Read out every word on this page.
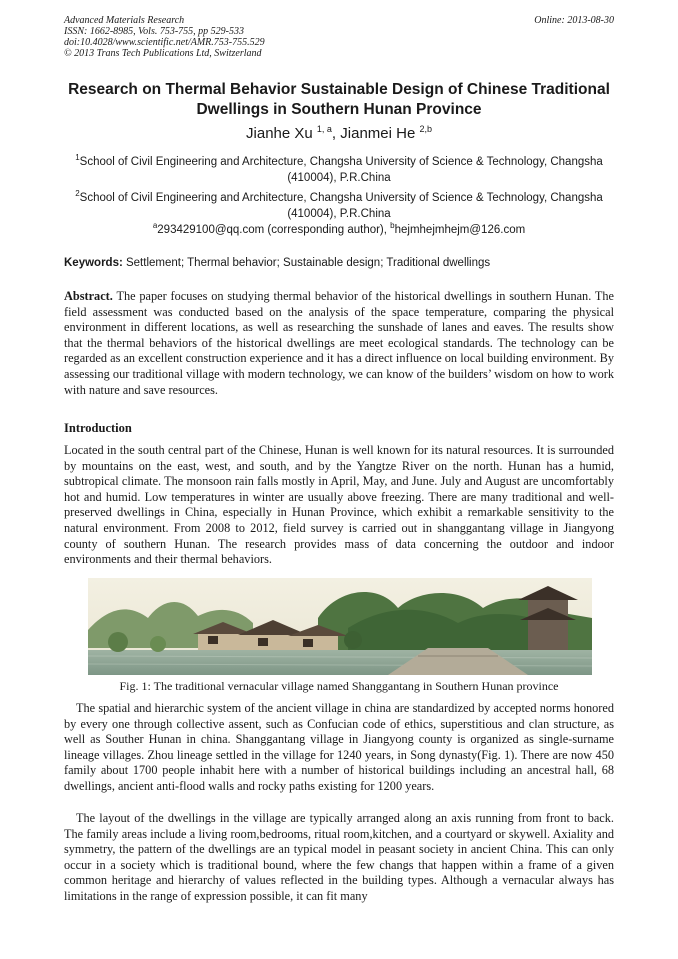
Advanced Materials Research
ISSN: 1662-8985, Vols. 753-755, pp 529-533
doi:10.4028/www.scientific.net/AMR.753-755.529
© 2013 Trans Tech Publications Ltd, Switzerland
Online: 2013-08-30
Research on Thermal Behavior Sustainable Design of Chinese Traditional Dwellings in Southern Hunan Province
Jianhe Xu $^{1, a}$, Jianmei He $^{2,b}$
$^1$School of Civil Engineering and Architecture, Changsha University of Science & Technology, Changsha (410004), P.R.China
$^2$School of Civil Engineering and Architecture, Changsha University of Science & Technology, Changsha (410004), P.R.China
$^a$293429100@qq.com (corresponding author), $^b$hejmhejmhejm@126.com
Keywords: Settlement; Thermal behavior; Sustainable design; Traditional dwellings
Abstract. The paper focuses on studying thermal behavior of the historical dwellings in southern Hunan. The field assessment was conducted based on the analysis of the space temperature, comparing the physical environment in different locations, as well as researching the sunshade of lanes and eaves. The results show that the thermal behaviors of the historical dwellings are meet ecological standards. The technology can be regarded as an excellent construction experience and it has a direct influence on local building environment. By assessing our traditional village with modern technology, we can know of the builders’ wisdom on how to work with nature and save resources.
Introduction
Located in the south central part of the Chinese, Hunan is well known for its natural resources. It is surrounded by mountains on the east, west, and south, and by the Yangtze River on the north. Hunan has a humid, subtropical climate. The monsoon rain falls mostly in April, May, and June. July and August are uncomfortably hot and humid. Low temperatures in winter are usually above freezing. There are many traditional and well-preserved dwellings in China, especially in Hunan Province, which exhibit a remarkable sensitivity to the natural environment. From 2008 to 2012, field survey is carried out in shanggantang village in Jiangyong county of southern Hunan. The research provides mass of data concerning the outdoor and indoor environments and their thermal behaviors.
Fig. 1: The traditional vernacular village named Shanggantang in Southern Hunan province
The spatial and hierarchic system of the ancient village in china are standardized by accepted norms honored by every one through collective assent, such as Confucian code of ethics, superstitious and clan structure, as well as Souther Hunan in china. Shanggantang village in Jiangyong county is organized as single-surname lineage villages. Zhou lineage settled in the village for 1240 years, in Song dynasty(Fig. 1). There are now 450 family about 1700 people inhabit here with a number of historical buildings including an ancestral hall, 68 dwellings, ancient anti-flood walls and rocky paths existing for 1200 years.
The layout of the dwellings in the village are typically arranged along an axis running from front to back. The family areas include a living room,bedrooms, ritual room,kitchen, and a courtyard or skywell. Axiality and symmetry, the pattern of the dwellings are an typical model in peasant society in ancient China. This can only occur in a society which is traditional bound, where the few changs that happen within a frame of a given common heritage and hierarchy of values reflected in the building types. Although a vernacular always has limitations in the range of expression possible, it can fit many
